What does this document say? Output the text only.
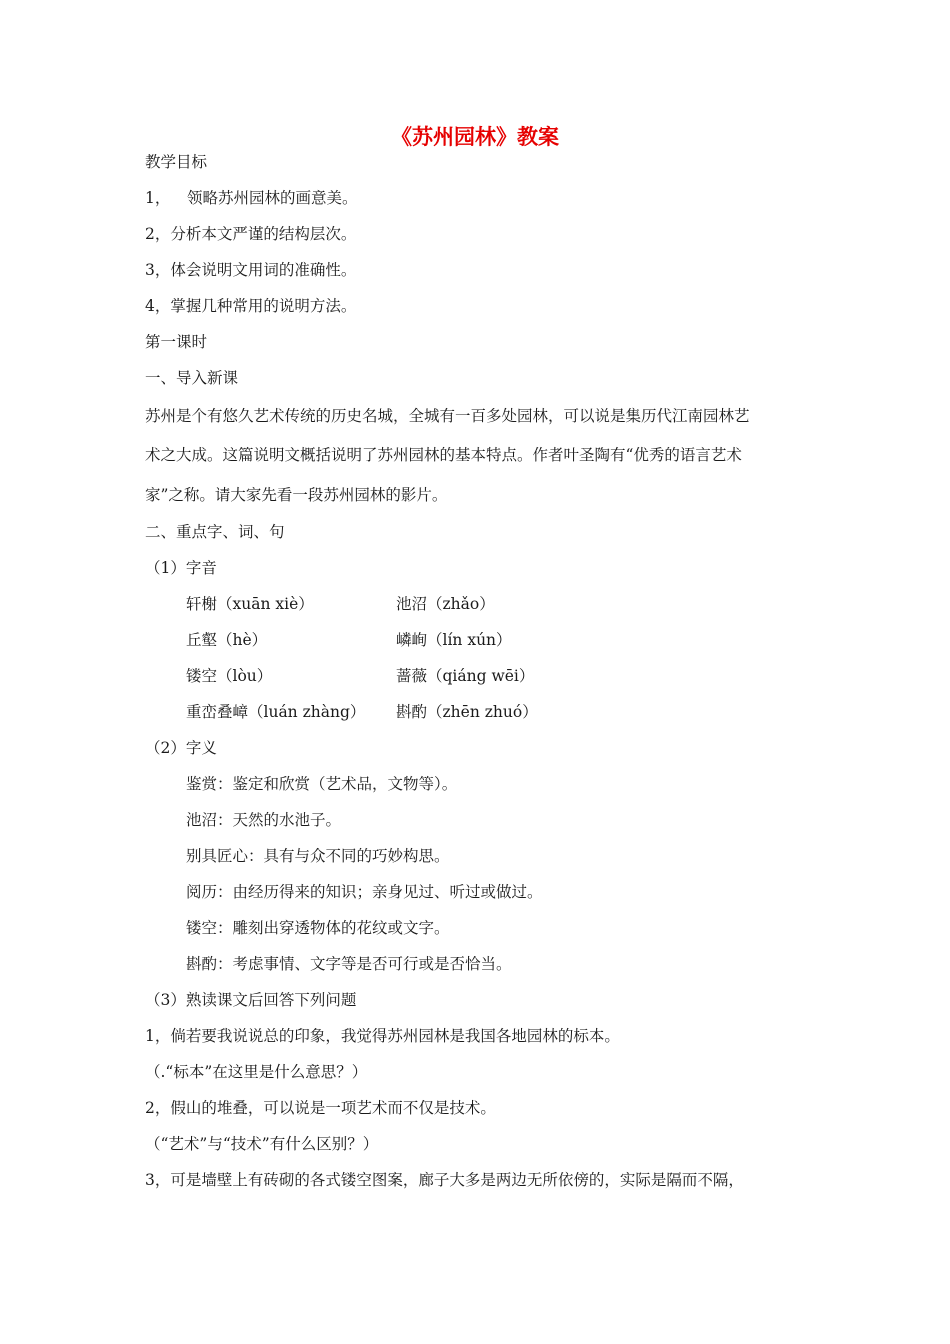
《苏州园林》教案

教学目标

1， 领略苏州园林的画意美。

2，分析本文严谨的结构层次。

3，体会说明文用词的准确性。

4，掌握几种常用的说明方法。

第一课时

一、导入新课

苏州是个有悠久艺术传统的历史名城，全城有一百多处园林，可以说是集历代江南园林艺

术之大成。这篇说明文概括说明了苏州园林的基本特点。作者叶圣陶有“优秀的语言艺术

家”之称。请大家先看一段苏州园林的影片。

二、重点字、词、句

（1）字音

轩榭（xuān xiè）	池沼（zhǎo）

丘壑（hè）	嶙峋（lín xún）

镂空（lòu）	蔷薇（qiáng wēi）

重峦叠嶂（luán zhàng） 斟酌（zhēn zhuó）

（2）字义

鉴赏：鉴定和欣赏（艺术品，文物等）。

池沼：天然的水池子。

别具匠心：具有与众不同的巧妙构思。

阅历：由经历得来的知识；亲身见过、听过或做过。

镂空：雕刻出穿透物体的花纹或文字。

斟酌：考虑事情、文字等是否可行或是否恰当。

（3）熟读课文后回答下列问题

1，倘若要我说说总的印象，我觉得苏州园林是我国各地园林的标本。

（.“标本”在这里是什么意思？）

2，假山的堆叠，可以说是一项艺术而不仅是技术。

（“艺术”与“技术”有什么区别？）

3，可是墙壁上有砖砌的各式镂空图案，廊子大多是两边无所依傍的，实际是隔而不隔，
